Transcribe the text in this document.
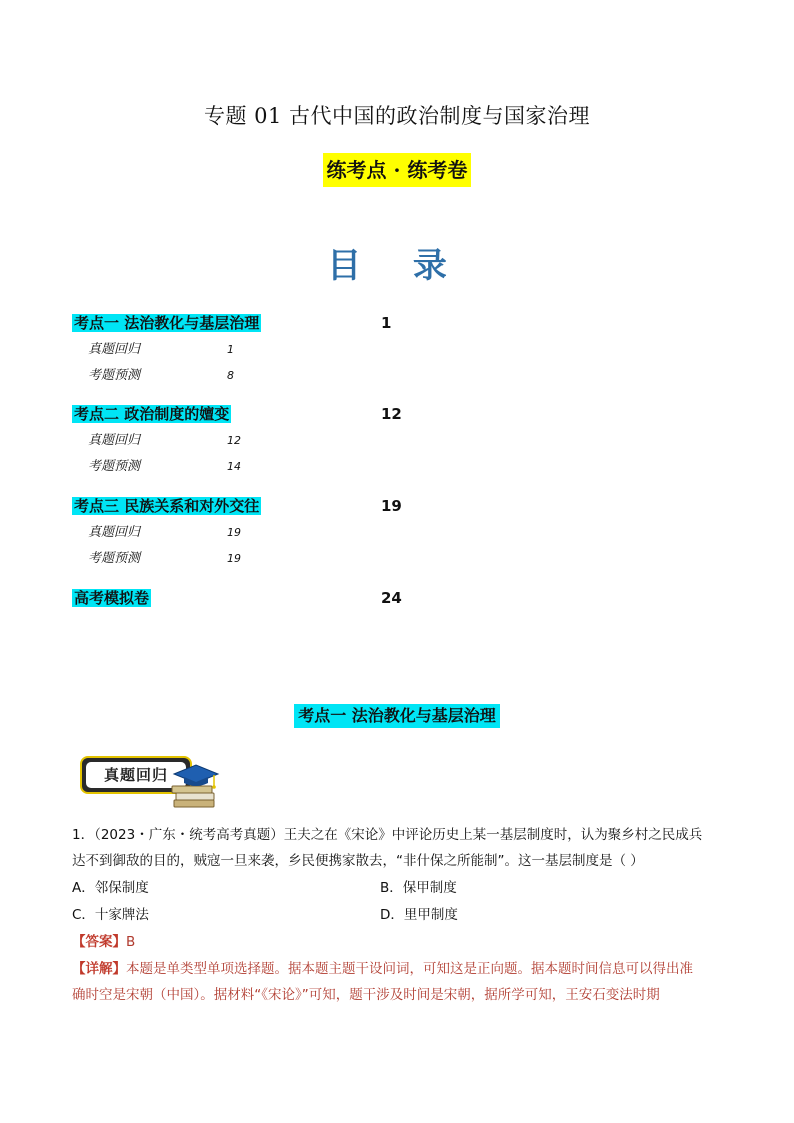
专题 01 古代中国的政治制度与国家治理
练考点 · 练考卷
目 录
考点一 法治教化与基层治理	1
真题回归	1
考题预测	8
考点二 政治制度的嬗变	12
真题回归	12
考题预测	14
考点三 民族关系和对外交往	19
真题回归	19
考题预测	19
高考模拟卷	24
考点一 法治教化与基层治理
真题回归
1．（2023・广东・统考高考真题）王夫之在《宋论》中评论历史上某一基层制度时，认为聚乡村之民成兵
达不到御敌的目的，贼寇一旦来袭，乡民便携家散去，“非什保之所能制”。这一基层制度是（ ）
A．邻保制度	B．保甲制度
C．十家牌法	D．里甲制度
【答案】B
【详解】本题是单类型单项选择题。据本题主题干设问词，可知这是正向题。据本题时间信息可以得出准
确时空是宋朝（中国）。据材料“《宋论》”可知，题干涉及时间是宋朝，据所学可知，王安石变法时期
